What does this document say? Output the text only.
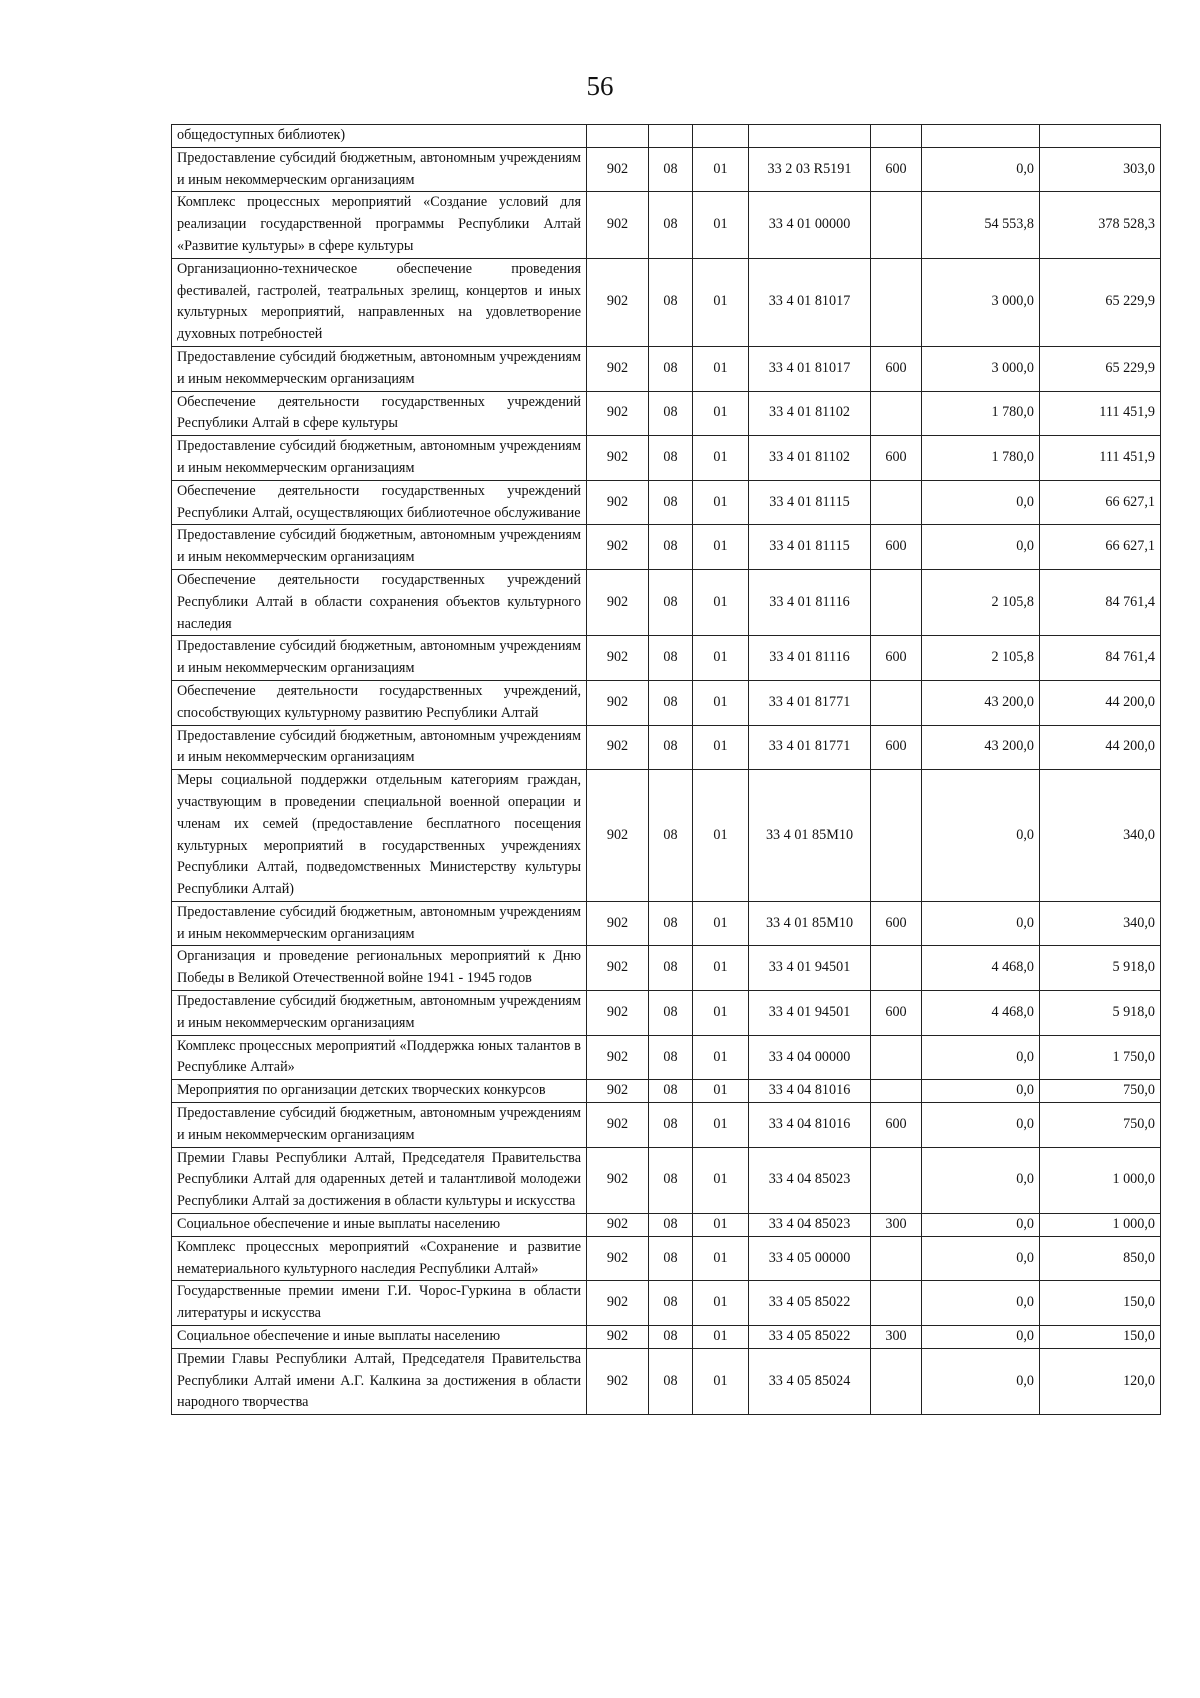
56
общедоступных библиотек)							
Предоставление субсидий бюджетным, автономным учреждениям и иным некоммерческим организациям	902	08	01	33 2 03 R5191	600	0,0	303,0
Комплекс процессных мероприятий «Создание условий для реализации государственной программы Республики Алтай «Развитие культуры» в сфере культуры	902	08	01	33 4 01 00000		54 553,8	378 528,3
Организационно-техническое обеспечение проведения фестивалей, гастролей, театральных зрелищ, концертов и иных культурных мероприятий, направленных на удовлетворение духовных потребностей	902	08	01	33 4 01 81017		3 000,0	65 229,9
Предоставление субсидий бюджетным, автономным учреждениям и иным некоммерческим организациям	902	08	01	33 4 01 81017	600	3 000,0	65 229,9
Обеспечение деятельности государственных учреждений Республики Алтай в сфере культуры	902	08	01	33 4 01 81102		1 780,0	111 451,9
Предоставление субсидий бюджетным, автономным учреждениям и иным некоммерческим организациям	902	08	01	33 4 01 81102	600	1 780,0	111 451,9
Обеспечение деятельности государственных учреждений Республики Алтай, осуществляющих библиотечное обслуживание	902	08	01	33 4 01 81115		0,0	66 627,1
Предоставление субсидий бюджетным, автономным учреждениям и иным некоммерческим организациям	902	08	01	33 4 01 81115	600	0,0	66 627,1
Обеспечение деятельности государственных учреждений Республики Алтай в области сохранения объектов культурного наследия	902	08	01	33 4 01 81116		2 105,8	84 761,4
Предоставление субсидий бюджетным, автономным учреждениям и иным некоммерческим организациям	902	08	01	33 4 01 81116	600	2 105,8	84 761,4
Обеспечение деятельности государственных учреждений, способствующих культурному развитию Республики Алтай	902	08	01	33 4 01 81771		43 200,0	44 200,0
Предоставление субсидий бюджетным, автономным учреждениям и иным некоммерческим организациям	902	08	01	33 4 01 81771	600	43 200,0	44 200,0
Меры социальной поддержки отдельным категориям граждан, участвующим в проведении специальной военной операции и членам их семей (предоставление бесплатного посещения культурных мероприятий в государственных учреждениях Республики Алтай, подведомственных Министерству культуры Республики Алтай)	902	08	01	33 4 01 85М10		0,0	340,0
Предоставление субсидий бюджетным, автономным учреждениям и иным некоммерческим организациям	902	08	01	33 4 01 85М10	600	0,0	340,0
Организация и проведение региональных мероприятий к Дню Победы в Великой Отечественной войне 1941 - 1945 годов	902	08	01	33 4 01 94501		4 468,0	5 918,0
Предоставление субсидий бюджетным, автономным учреждениям и иным некоммерческим организациям	902	08	01	33 4 01 94501	600	4 468,0	5 918,0
Комплекс процессных мероприятий «Поддержка юных талантов в Республике Алтай»	902	08	01	33 4 04 00000		0,0	1 750,0
Мероприятия по организации детских творческих конкурсов	902	08	01	33 4 04 81016		0,0	750,0
Предоставление субсидий бюджетным, автономным учреждениям и иным некоммерческим организациям	902	08	01	33 4 04 81016	600	0,0	750,0
Премии Главы Республики Алтай, Председателя Правительства Республики Алтай для одаренных детей и талантливой молодежи Республики Алтай за достижения в области культуры и искусства	902	08	01	33 4 04 85023		0,0	1 000,0
Социальное обеспечение и иные выплаты населению	902	08	01	33 4 04 85023	300	0,0	1 000,0
Комплекс процессных мероприятий «Сохранение и развитие нематериального культурного наследия Республики Алтай»	902	08	01	33 4 05 00000		0,0	850,0
Государственные премии имени Г.И. Чорос-Гуркина в области литературы и искусства	902	08	01	33 4 05 85022		0,0	150,0
Социальное обеспечение и иные выплаты населению	902	08	01	33 4 05 85022	300	0,0	150,0
Премии Главы Республики Алтай, Председателя Правительства Республики Алтай имени А.Г. Калкина за достижения в области народного творчества	902	08	01	33 4 05 85024		0,0	120,0
